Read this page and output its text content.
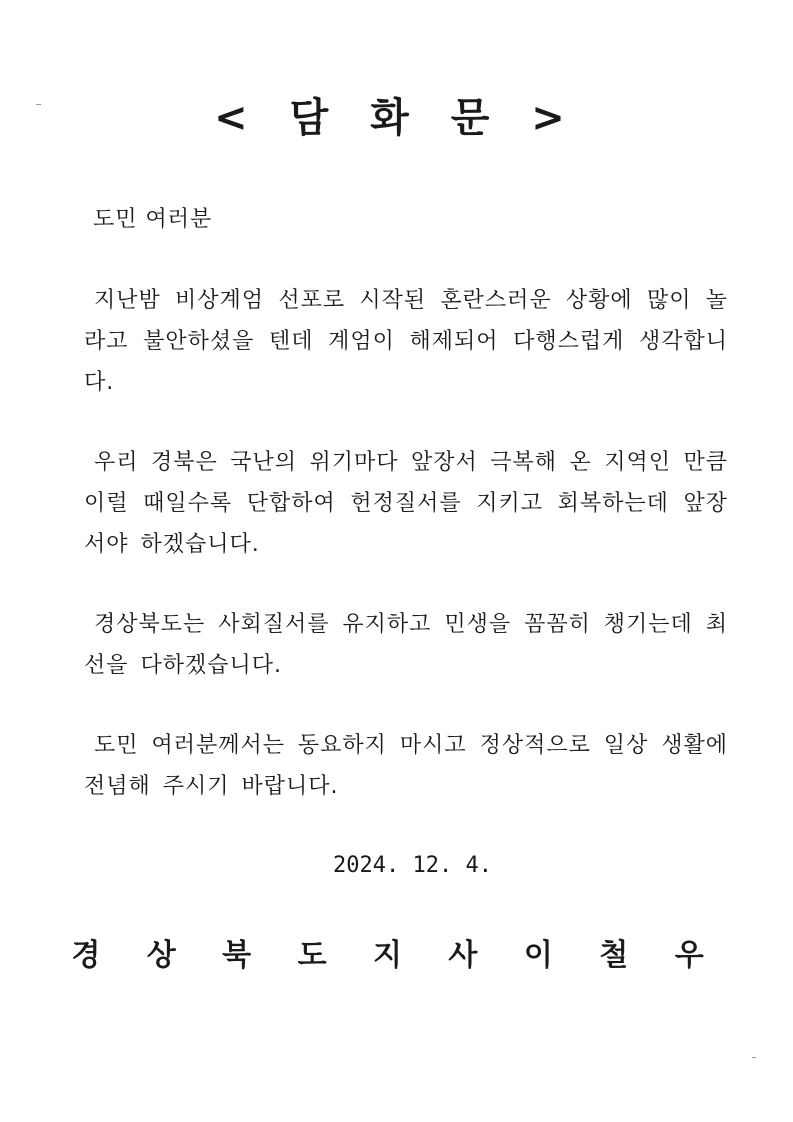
< 담 화 문 >
도민 여러분
지난밤 비상계엄 선포로 시작된 혼란스러운 상황에 많이 놀라고 불안하셨을 텐데 계엄이 해제되어 다행스럽게 생각합니다.
우리 경북은 국난의 위기마다 앞장서 극복해 온 지역인 만큼 이럴 때일수록 단합하여 헌정질서를 지키고 회복하는데 앞장서야 하겠습니다.
경상북도는 사회질서를 유지하고 민생을 꼼꼼히 챙기는데 최선을 다하겠습니다.
도민 여러분께서는 동요하지 마시고 정상적으로 일상 생활에 전념해 주시기 바랍니다.
2024. 12. 4.
경 상 북 도 지 사 이 철 우
